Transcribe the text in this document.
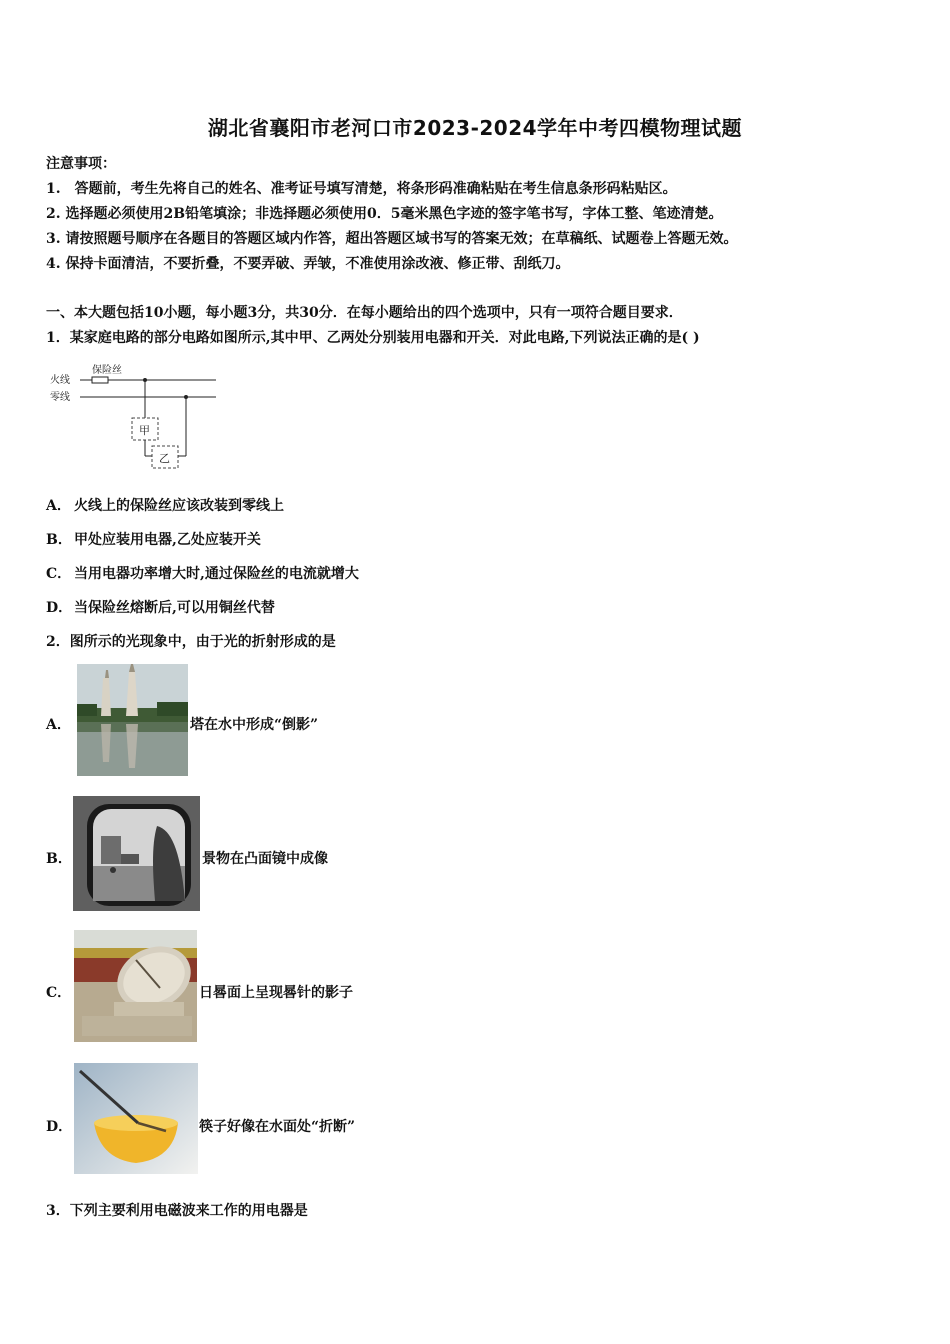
湖北省襄阳市老河口市2023-2024学年中考四模物理试题
注意事项：
1.　答题前，考生先将自己的姓名、准考证号填写清楚，将条形码准确粘贴在考生信息条形码粘贴区。
2. 选择题必须使用2B铅笔填涂；非选择题必须使用0．5毫米黑色字迹的签字笔书写，字体工整、笔迹清楚。
3. 请按照题号顺序在各题目的答题区域内作答，超出答题区域书写的答案无效；在草稿纸、试题卷上答题无效。
4. 保持卡面清洁，不要折叠，不要弄破、弄皱，不准使用涂改液、修正带、刮纸刀。
一、本大题包括10小题，每小题3分，共30分．在每小题给出的四个选项中，只有一项符合题目要求．
1．某家庭电路的部分电路如图所示,其中甲、乙两处分别装用电器和开关．对此电路,下列说法正确的是( )
火线
零线
保险丝
甲
乙
A． 火线上的保险丝应该改装到零线上
B． 甲处应装用电器,乙处应装开关
C． 当用电器功率增大时,通过保险丝的电流就增大
D． 当保险丝熔断后,可以用铜丝代替
2．图所示的光现象中，由于光的折射形成的是
A．	塔在水中形成“倒影”
B．	景物在凸面镜中成像
C．	日晷面上呈现晷针的影子
D．	筷子好像在水面处“折断”
3．下列主要利用电磁波来工作的用电器是
